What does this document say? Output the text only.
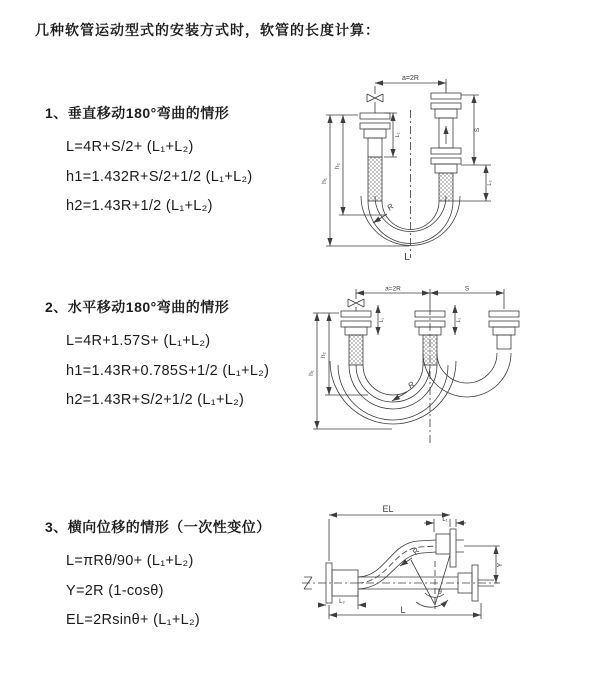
几种软管运动型式的安装方式时，软管的长度计算：
1、垂直移动180°弯曲的情形
L=4R+S/2+ (L₁+L₂)
h1=1.432R+S/2+1/2 (L₁+L₂)
h2=1.43R+1/2 (L₁+L₂)
2、水平移动180°弯曲的情形
L=4R+1.57S+ (L₁+L₂)
h1=1.43R+0.785S+1/2 (L₁+L₂)
h2=1.43R+S/2+1/2 (L₁+L₂)
3、横向位移的情形（一次性变位）
L=πRθ/90+ (L₁+L₂)
Y=2R (1-cosθ)
EL=2Rsinθ+ (L₁+L₂)
a=2R
h₁
h₂
L₁
S
L₂
R
L
a=2R	S
h₁
h₂
L₁	L₂
R
EL
L₁
Y
R
θ
L
L₂
